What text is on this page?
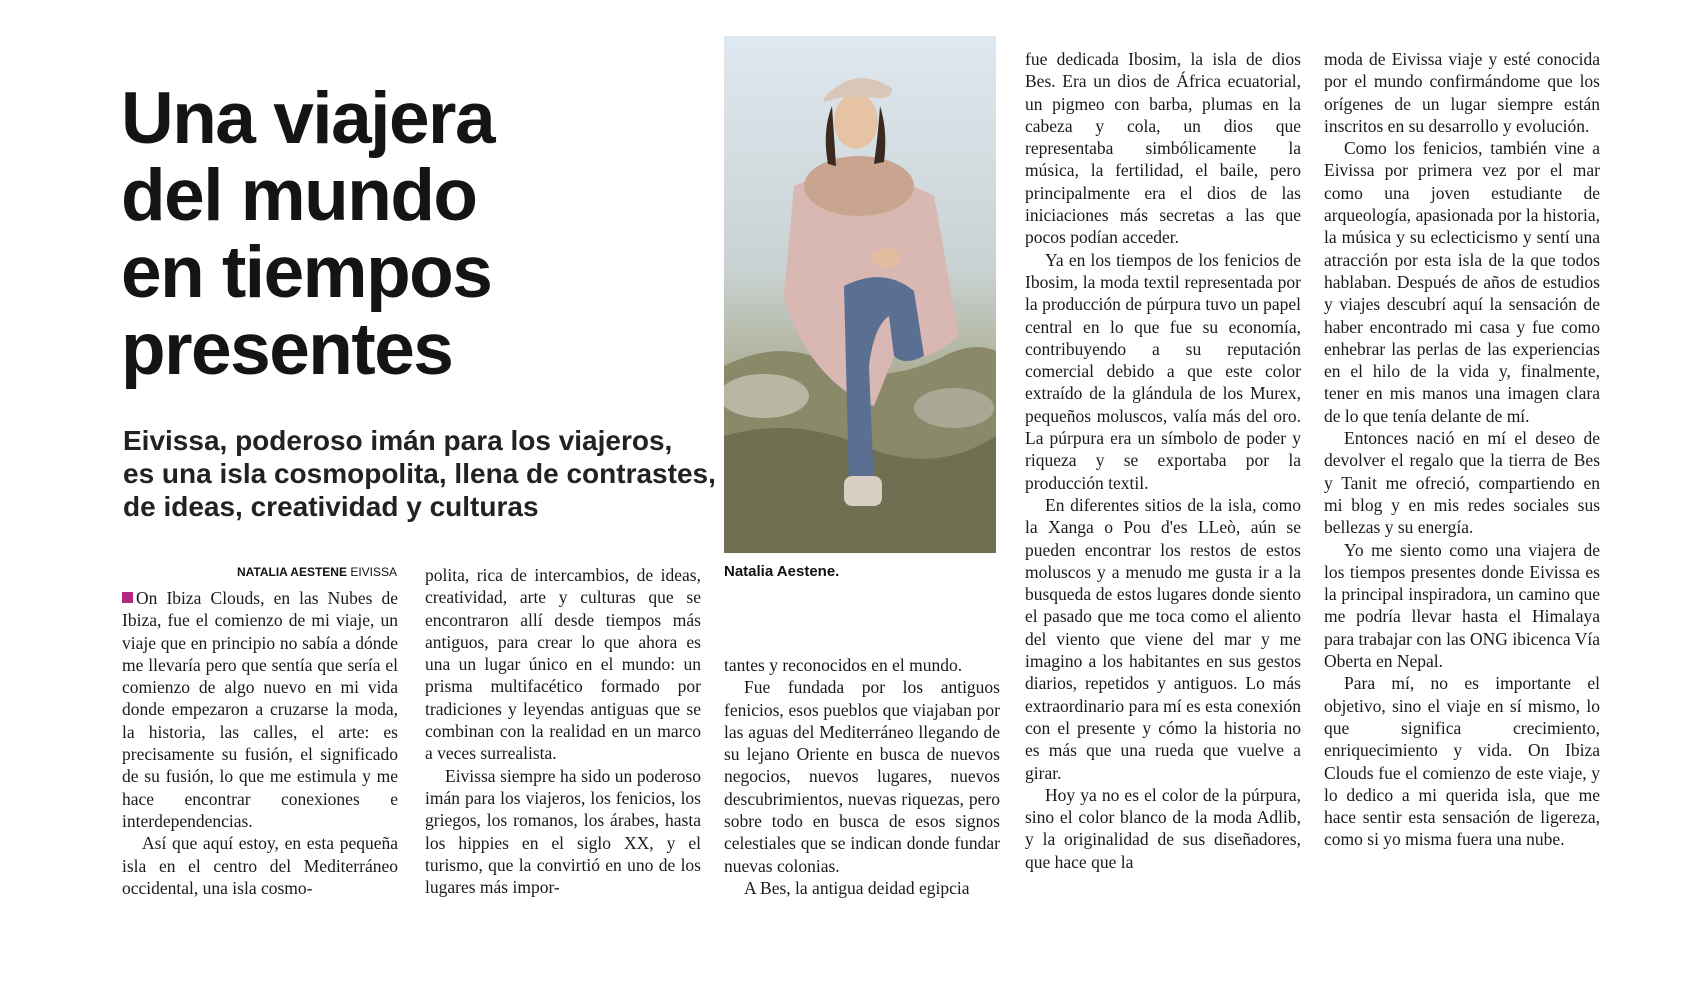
Una viajera
del mundo
en tiempos
presentes
Eivissa, poderoso imán para los viajeros,
es una isla cosmopolita, llena de contrastes,
de ideas, creatividad y culturas

Natalia Aestene.

NATALIA AESTENE EIVISSA

On Ibiza Clouds, en las Nubes de Ibiza, fue el comienzo de mi viaje, un viaje que en principio no sabía a dónde me llevaría pero que sentía que sería el comienzo de algo nuevo en mi vida donde empezaron a cruzarse la moda, la historia, las calles, el arte: es precisamente su fusión, el significado de su fusión, lo que me estimula y me hace encontrar conexiones e interdependencias.

Así que aquí estoy, en esta pequeña isla en el centro del Mediterráneo occidental, una isla cosmo-

polita, rica de intercambios, de ideas, creatividad, arte y culturas que se encontraron allí desde tiempos más antiguos, para crear lo que ahora es una un lugar único en el mundo: un prisma multifacético formado por tradiciones y leyendas antiguas que se combinan con la realidad en un marco a veces surrealista.

Eivissa siempre ha sido un poderoso imán para los viajeros, los fenicios, los griegos, los romanos, los árabes, hasta los hippies en el siglo XX, y el turismo, que la convirtió en uno de los lugares más impor-

tantes y reconocidos en el mundo.

Fue fundada por los antiguos fenicios, esos pueblos que viajaban por las aguas del Mediterráneo llegando de su lejano Oriente en busca de nuevos negocios, nuevos lugares, nuevos descubrimientos, nuevas riquezas, pero sobre todo en busca de esos signos celestiales que se indican donde fundar nuevas colonias.

A Bes, la antigua deidad egipcia

fue dedicada Ibosim, la isla de dios Bes. Era un dios de África ecuatorial, un pigmeo con barba, plumas en la cabeza y cola, un dios que representaba simbólicamente la música, la fertilidad, el baile, pero principalmente era el dios de las iniciaciones más secretas a las que pocos podían acceder.

Ya en los tiempos de los fenicios de Ibosim, la moda textil representada por la producción de púrpura tuvo un papel central en lo que fue su economía, contribuyendo a su reputación comercial debido a que este color extraído de la glándula de los Murex, pequeños moluscos, valía más del oro. La púrpura era un símbolo de poder y riqueza y se exportaba por la producción textil.

En diferentes sitios de la isla, como la Xanga o Pou d'es LLeò, aún se pueden encontrar los restos de estos moluscos y a menudo me gusta ir a la busqueda de estos lugares donde siento el pasado que me toca como el aliento del viento que viene del mar y me imagino a los habitantes en sus gestos diarios, repetidos y antiguos. Lo más extraordinario para mí es esta conexión con el presente y cómo la historia no es más que una rueda que vuelve a girar.

Hoy ya no es el color de la púrpura, sino el color blanco de la moda Adlib, y la originalidad de sus diseñadores, que hace que la

moda de Eivissa viaje y esté conocida por el mundo confirmándome que los orígenes de un lugar siempre están inscritos en su desarrollo y evolución.

Como los fenicios, también vine a Eivissa por primera vez por el mar como una joven estudiante de arqueología, apasionada por la historia, la música y su eclecticismo y sentí una atracción por esta isla de la que todos hablaban. Después de años de estudios y viajes descubrí aquí la sensación de haber encontrado mi casa y fue como enhebrar las perlas de las experiencias en el hilo de la vida y, finalmente, tener en mis manos una imagen clara de lo que tenía delante de mí.

Entonces nació en mí el deseo de devolver el regalo que la tierra de Bes y Tanit me ofreció, compartiendo en mi blog y en mis redes sociales sus bellezas y su energía.

Yo me siento como una viajera de los tiempos presentes donde Eivissa es la principal inspiradora, un camino que me podría llevar hasta el Himalaya para trabajar con las ONG ibicenca Vía Oberta en Nepal.

Para mí, no es importante el objetivo, sino el viaje en sí mismo, lo que significa crecimiento, enriquecimiento y vida. On Ibiza Clouds fue el comienzo de este viaje, y lo dedico a mi querida isla, que me hace sentir esta sensación de ligereza, como si yo misma fuera una nube.
